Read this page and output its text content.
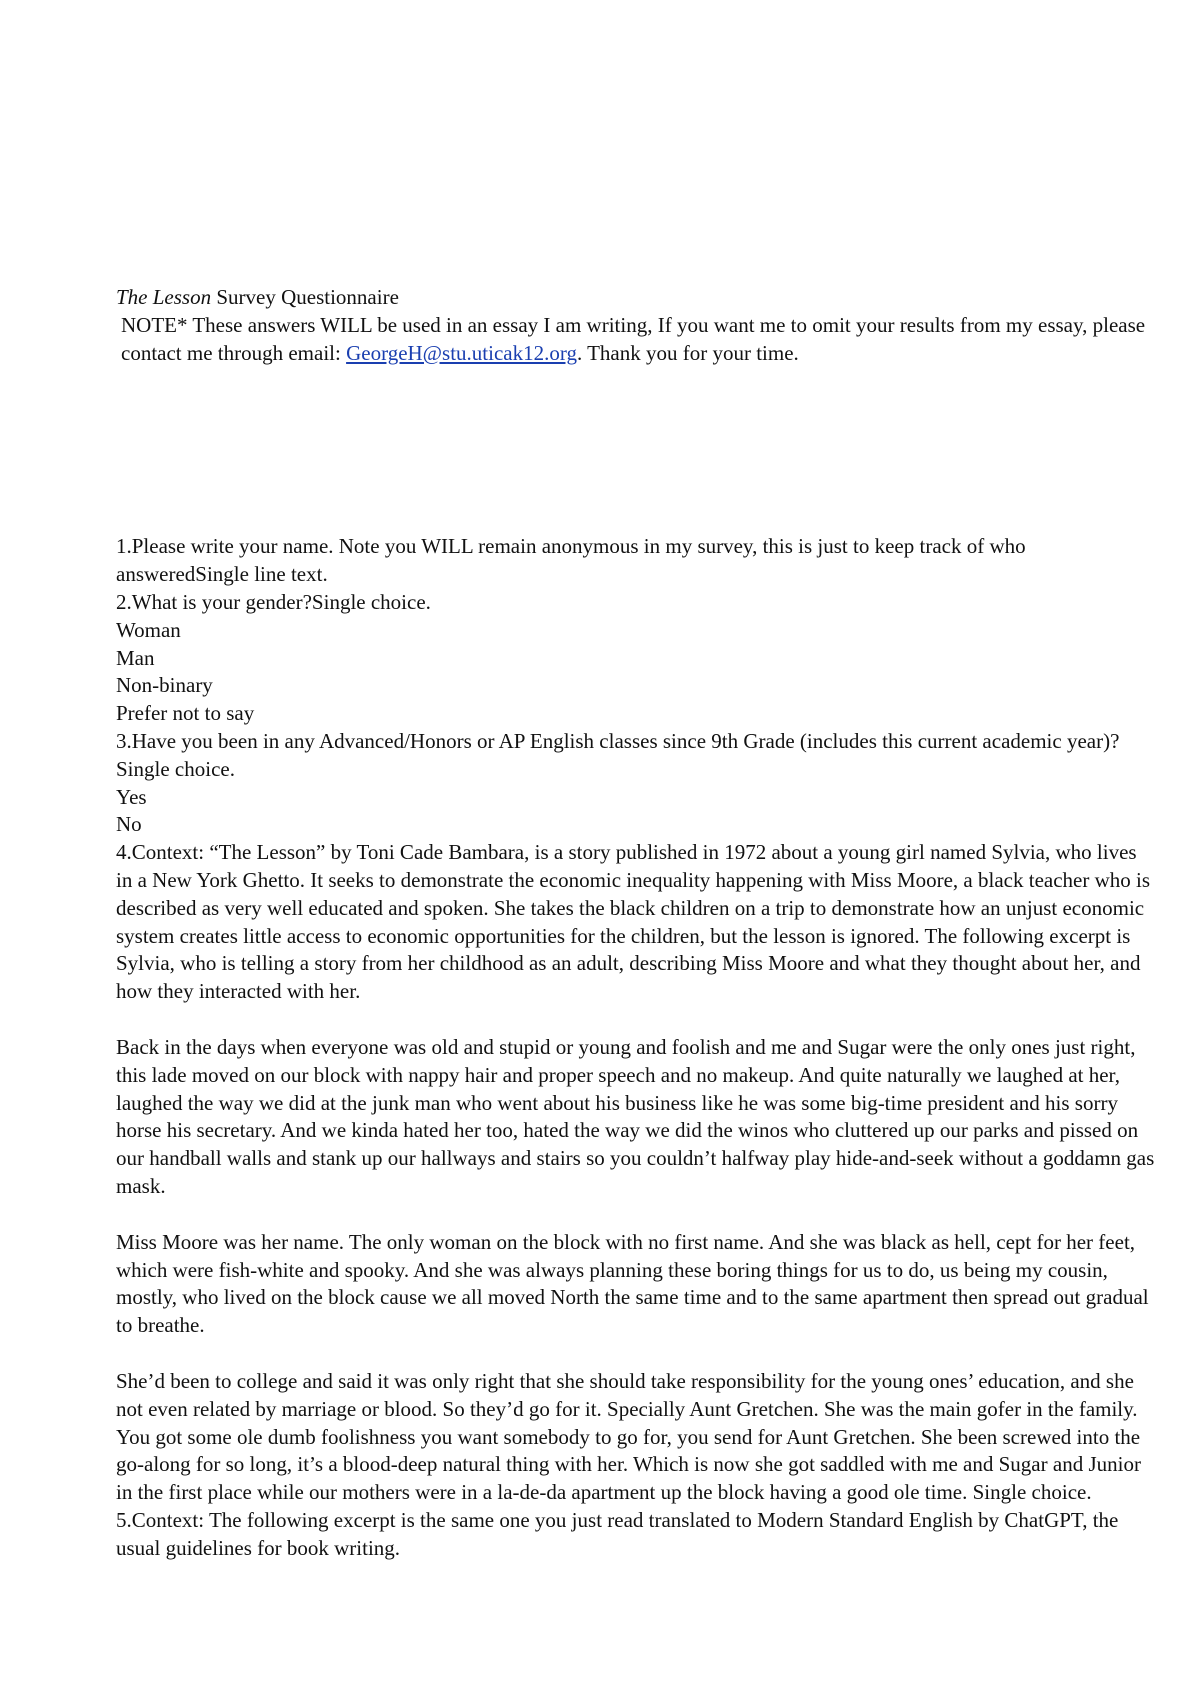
The Lesson Survey Questionnaire

NOTE* These answers WILL be used in an essay I am writing, If you want me to omit your results from my essay, please contact me through email: GeorgeH@stu.uticak12.org. Thank you for your time.

1.Please write your name. Note you WILL remain anonymous in my survey, this is just to keep track of who answeredSingle line text.

2.What is your gender?Single choice.

Woman

Man

Non-binary

Prefer not to say

3.Have you been in any Advanced/Honors or AP English classes since 9th Grade (includes this current academic year)? Single choice.

Yes

No

4.Context: “The Lesson” by Toni Cade Bambara, is a story published in 1972 about a young girl named Sylvia, who lives in a New York Ghetto. It seeks to demonstrate the economic inequality happening with Miss Moore, a black teacher who is described as very well educated and spoken. She takes the black children on a trip to demonstrate how an unjust economic system creates little access to economic opportunities for the children, but the lesson is ignored. The following excerpt is Sylvia, who is telling a story from her childhood as an adult, describing Miss Moore and what they thought about her, and how they interacted with her.

Back in the days when everyone was old and stupid or young and foolish and me and Sugar were the only ones just right, this lade moved on our block with nappy hair and proper speech and no makeup. And quite naturally we laughed at her, laughed the way we did at the junk man who went about his business like he was some big-time president and his sorry horse his secretary. And we kinda hated her too, hated the way we did the winos who cluttered up our parks and pissed on our handball walls and stank up our hallways and stairs so you couldn’t halfway play hide-and-seek without a goddamn gas mask.

Miss Moore was her name. The only woman on the block with no first name. And she was black as hell, cept for her feet, which were fish-white and spooky. And she was always planning these boring things for us to do, us being my cousin, mostly, who lived on the block cause we all moved North the same time and to the same apartment then spread out gradual to breathe.

She’d been to college and said it was only right that she should take responsibility for the young ones’ education, and she not even related by marriage or blood. So they’d go for it. Specially Aunt Gretchen. She was the main gofer in the family. You got some ole dumb foolishness you want somebody to go for, you send for Aunt Gretchen. She been screwed into the go-along for so long, it’s a blood-deep natural thing with her. Which is now she got saddled with me and Sugar and Junior in the first place while our mothers were in a la-de-da apartment up the block having a good ole time. Single choice.

5.Context: The following excerpt is the same one you just read translated to Modern Standard English by ChatGPT, the usual guidelines for book writing.
